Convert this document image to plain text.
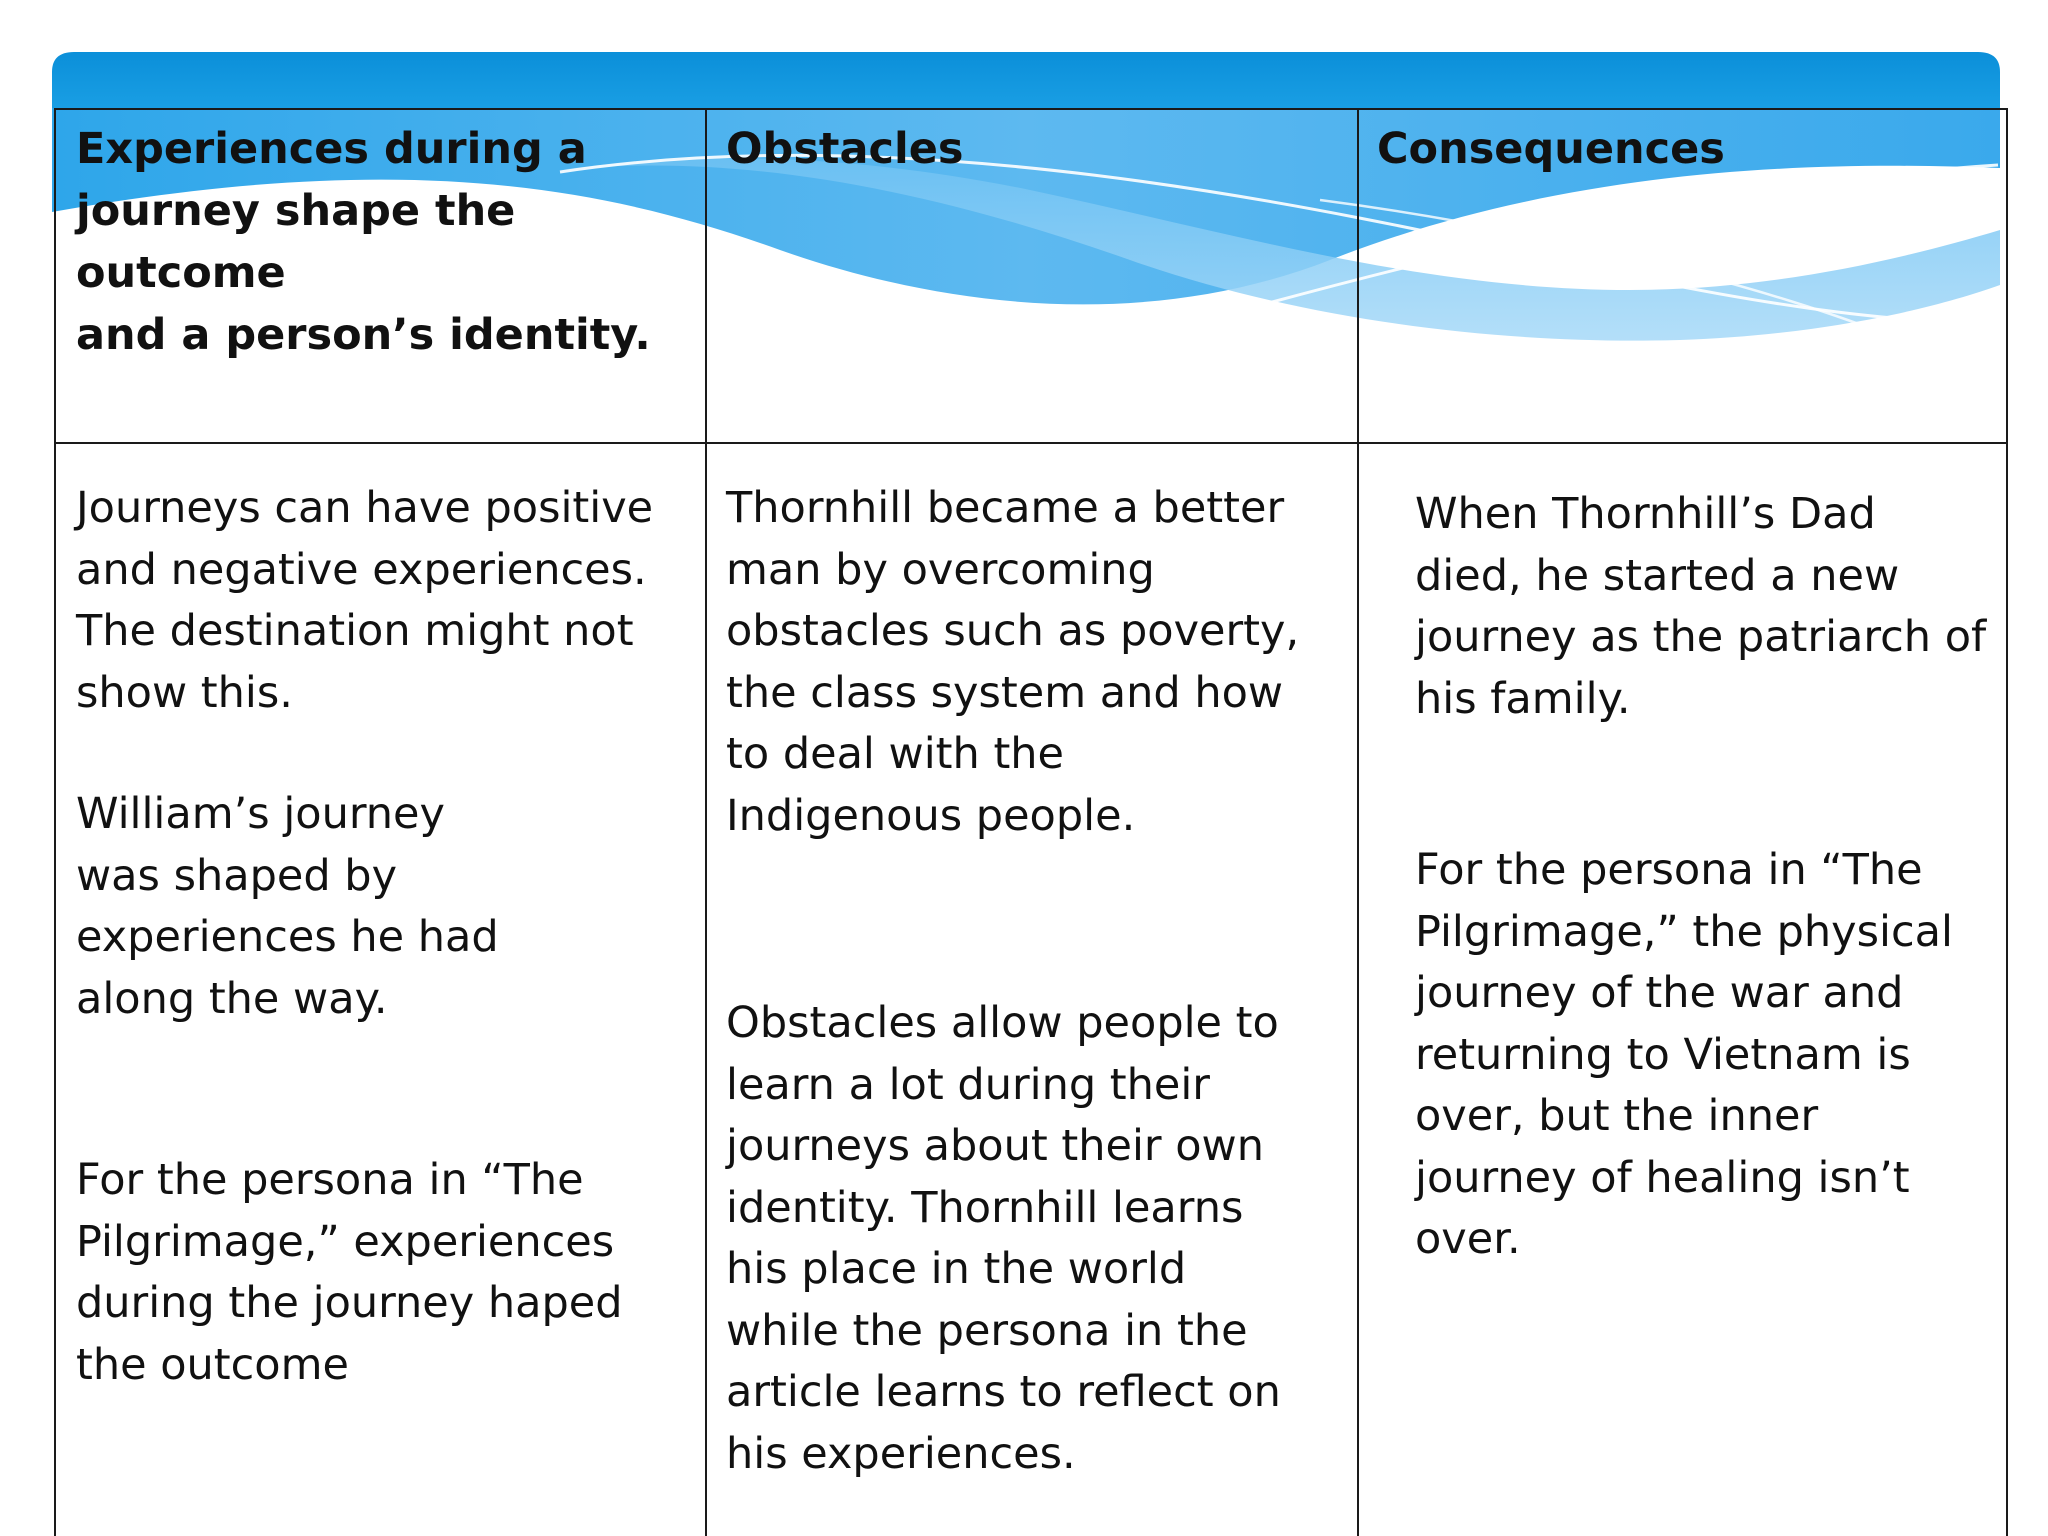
Experiences during a
journey shape the outcome
and a person’s identity.

Obstacles	Consequences

Journeys can have positive
and negative experiences.
The destination might not
show this.

William’s journey
was shaped by
experiences he had
along the way.

For the persona in “The
Pilgrimage,” experiences
during the journey haped
the outcome

Thornhill became a better
man by overcoming
obstacles such as poverty,
the class system and how
to deal with the
Indigenous people.

Obstacles allow people to
learn a lot during their
journeys about their own
identity. Thornhill learns
his place in the world
while the persona in the
article learns to reflect on
his experiences.

When Thornhill’s Dad
died, he started a new
journey as the patriarch of
his family.

For the persona in “The
Pilgrimage,” the physical
journey of the war and
returning to Vietnam is
over, but the inner
journey of healing isn’t
over.
